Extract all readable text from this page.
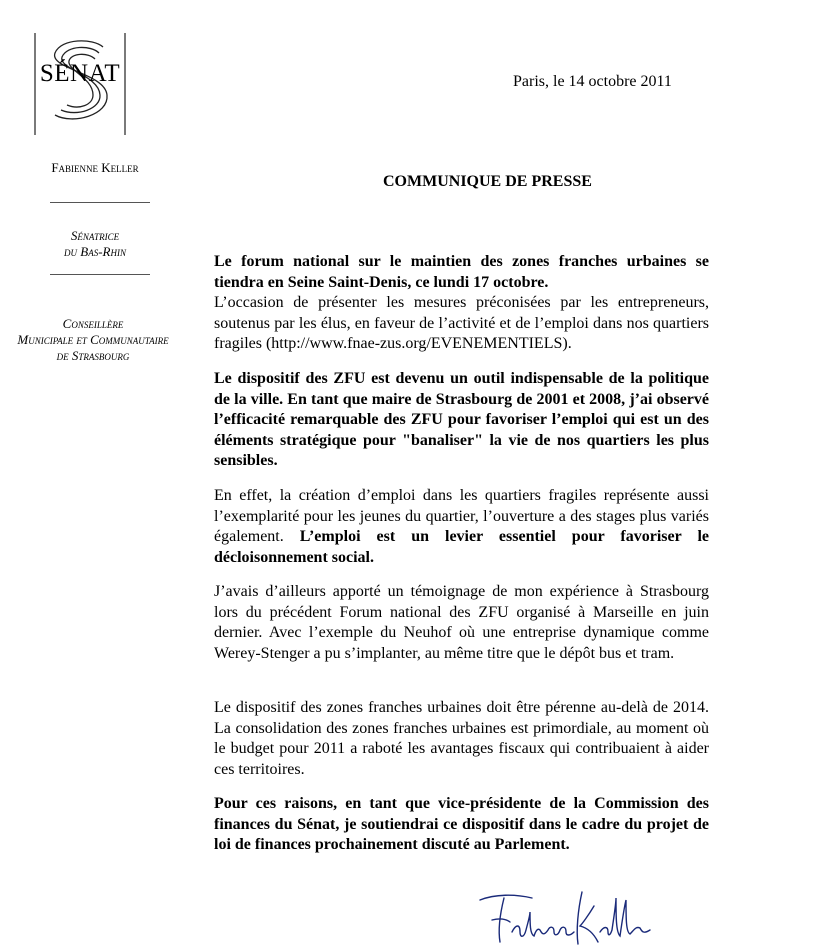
SÉNAT
Fabienne Keller
Sénatrice
du Bas-Rhin
Conseillère
Municipale et Communautaire
de Strasbourg
Paris, le 14 octobre 2011
COMMUNIQUE DE PRESSE
Le forum national sur le maintien des zones franches urbaines se tiendra en Seine Saint-Denis, ce lundi 17 octobre.
L’occasion de présenter les mesures préconisées par les entrepreneurs, soutenus par les élus, en faveur de l’activité et de l’emploi dans nos quartiers fragiles (http://www.fnae-zus.org/EVENEMENTIELS).
Le dispositif des ZFU est devenu un outil indispensable de la politique de la ville. En tant que maire de Strasbourg de 2001 et 2008, j’ai observé l’efficacité remarquable des ZFU pour favoriser l’emploi qui est un des éléments stratégique pour "banaliser" la vie de nos quartiers les plus sensibles.
En effet, la création d’emploi dans les quartiers fragiles représente aussi l’exemplarité pour les jeunes du quartier, l’ouverture a des stages plus variés également. L’emploi est un levier essentiel pour favoriser le décloisonnement social.
J’avais d’ailleurs apporté un témoignage de mon expérience à Strasbourg lors du précédent Forum national des ZFU organisé à Marseille en juin dernier. Avec l’exemple du Neuhof où une entreprise dynamique comme Werey-Stenger a pu s’implanter, au même titre que le dépôt bus et tram.
Le dispositif des zones franches urbaines doit être pérenne au-delà de 2014. La consolidation des zones franches urbaines est primordiale, au moment où le budget pour 2011 a raboté les avantages fiscaux qui contribuaient à aider ces territoires.
Pour ces raisons, en tant que vice-présidente de la Commission des finances du Sénat, je soutiendrai ce dispositif dans le cadre du projet de loi de finances prochainement discuté au Parlement.
